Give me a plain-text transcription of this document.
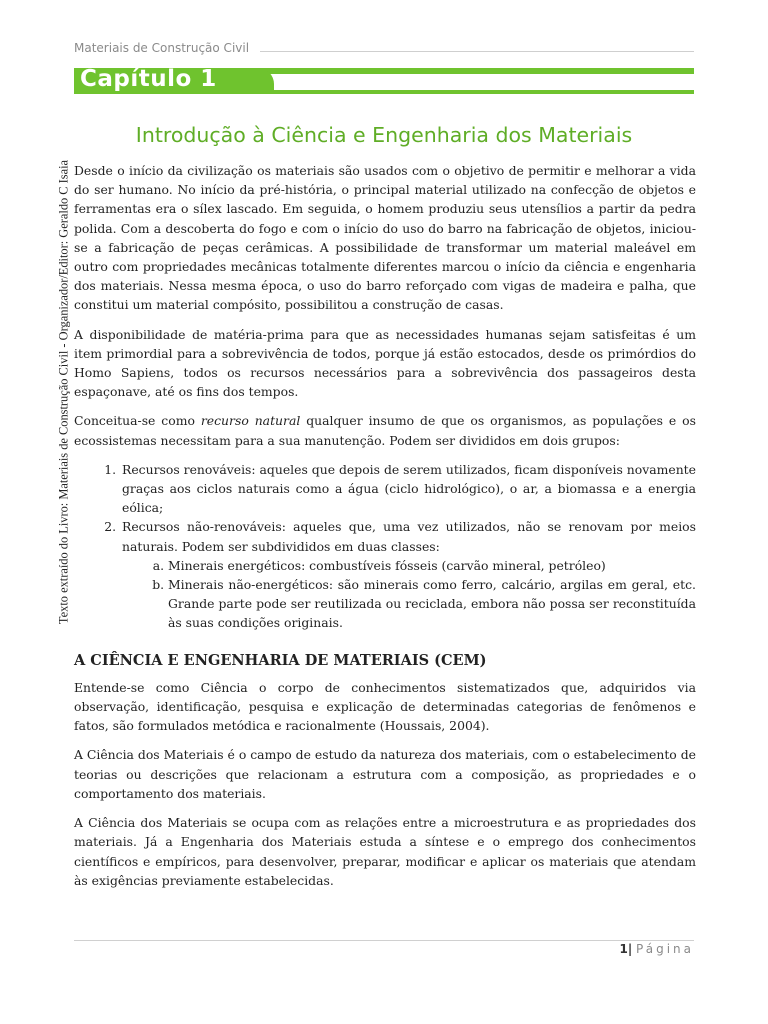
Materiais de Construção Civil
Capítulo 1
Texto extraído do Livro: Materiais de Construção Civil - Organizador/Editor: Geraldo C Isaia
Introdução à Ciência e Engenharia dos Materiais

Desde o início da civilização os materiais são usados com o objetivo de permitir e melhorar a vida do ser humano. No início da pré-história, o principal material utilizado na confecção de objetos e ferramentas era o sílex lascado. Em seguida, o homem produziu seus utensílios a partir da pedra polida. Com a descoberta do fogo e com o início do uso do barro na fabricação de objetos, iniciou-se a fabricação de peças cerâmicas. A possibilidade de transformar um material maleável em outro com propriedades mecânicas totalmente diferentes marcou o início da ciência e engenharia dos materiais. Nessa mesma época, o uso do barro reforçado com vigas de madeira e palha, que constitui um material compósito, possibilitou a construção de casas.

A disponibilidade de matéria-prima para que as necessidades humanas sejam satisfeitas é um item primordial para a sobrevivência de todos, porque já estão estocados, desde os primórdios do Homo Sapiens, todos os recursos necessários para a sobrevivência dos passageiros desta espaçonave, até os fins dos tempos.

Conceitua-se como recurso natural qualquer insumo de que os organismos, as populações e os ecossistemas necessitam para a sua manutenção. Podem ser divididos em dois grupos:

1. Recursos renováveis: aqueles que depois de serem utilizados, ficam disponíveis novamente graças aos ciclos naturais como a água (ciclo hidrológico), o ar, a biomassa e a energia eólica;
2. Recursos não-renováveis: aqueles que, uma vez utilizados, não se renovam por meios naturais. Podem ser subdivididos em duas classes:
a. Minerais energéticos: combustíveis fósseis (carvão mineral, petróleo)
b. Minerais não-energéticos: são minerais como ferro, calcário, argilas em geral, etc. Grande parte pode ser reutilizada ou reciclada, embora não possa ser reconstituída às suas condições originais.
A CIÊNCIA E ENGENHARIA DE MATERIAIS (CEM)

Entende-se como Ciência o corpo de conhecimentos sistematizados que, adquiridos via observação, identificação, pesquisa e explicação de determinadas categorias de fenômenos e fatos, são formulados metódica e racionalmente (Houssais, 2004).

A Ciência dos Materiais é o campo de estudo da natureza dos materiais, com o estabelecimento de teorias ou descrições que relacionam a estrutura com a composição, as propriedades e o comportamento dos materiais.

A Ciência dos Materiais se ocupa com as relações entre a microestrutura e as propriedades dos materiais. Já a Engenharia dos Materiais estuda a síntese e o emprego dos conhecimentos científicos e empíricos, para desenvolver, preparar, modificar e aplicar os materiais que atendam às exigências previamente estabelecidas.

1| Página
